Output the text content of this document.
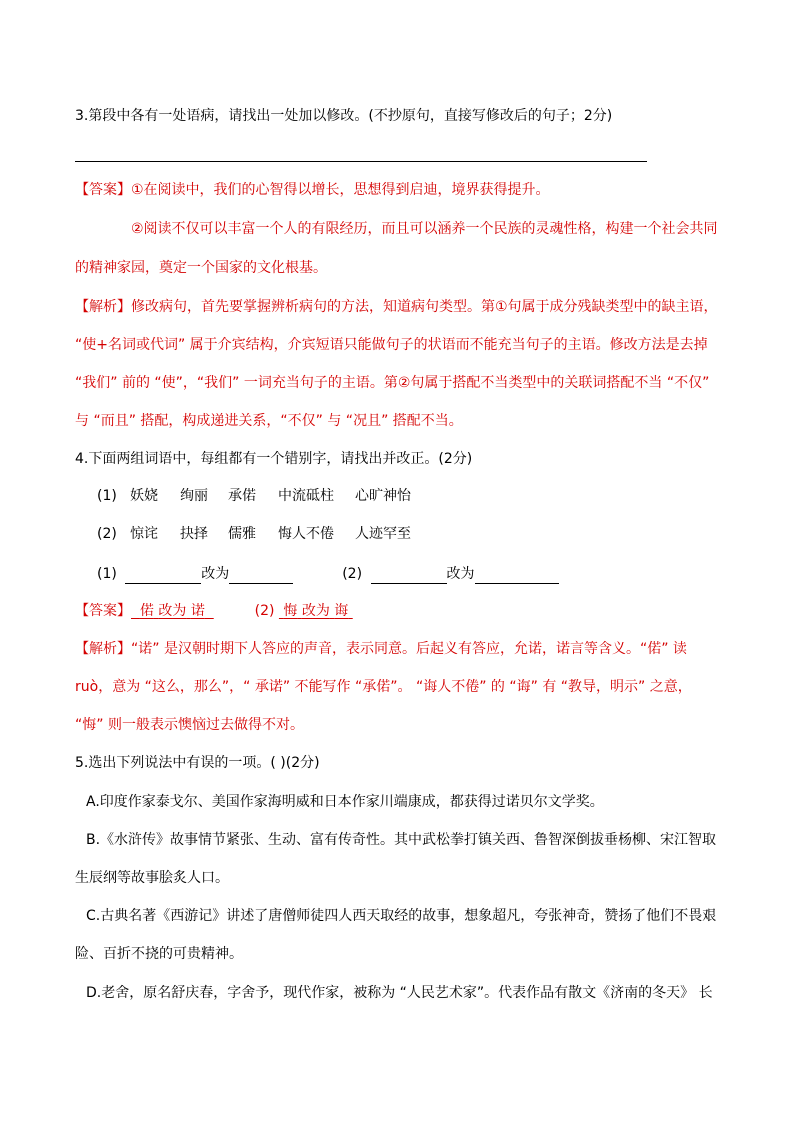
3.第段中各有一处语病，请找出一处加以修改。(不抄原句，直接写修改后的句子；2分)
【答案】①在阅读中，我们的心智得以增长，思想得到启迪，境界获得提升。
②阅读不仅可以丰富一个人的有限经历，而且可以涵养一个民族的灵魂性格，构建一个社会共同
的精神家园，奠定一个国家的文化根基。
【解析】修改病句，首先要掌握辨析病句的方法，知道病句类型。第①句属于成分残缺类型中的缺主语，
“使+名词或代词” 属于介宾结构，介宾短语只能做句子的状语而不能充当句子的主语。修改方法是去掉
“我们” 前的 “使”，“我们” 一词充当句子的主语。第②句属于搭配不当类型中的关联词搭配不当 “不仅”
与 “而且” 搭配，构成递进关系，“不仅” 与 “况且” 搭配不当。
4.下面两组词语中，每组都有一个错别字，请找出并改正。(2分)
(1) 妖娆 绚丽 承偌 中流砥柱 心旷神怡
(2) 惊诧 抉择 儒雅 悔人不倦 人迹罕至
(1)	改为	(2)	改为
【答案】 偌 改为 诺	(2) 悔 改为 诲
【解析】“诺” 是汉朝时期下人答应的声音，表示同意。后起义有答应，允诺，诺言等含义。“偌” 读
ruò，意为 “这么，那么”，“ 承诺” 不能写作 “承偌”。 “诲人不倦” 的 “诲” 有 “教导，明示” 之意，
“悔” 则一般表示懊恼过去做得不对。
5.选出下列说法中有误的一项。( )(2分)
A.印度作家泰戈尔、美国作家海明威和日本作家川端康成，都获得过诺贝尔文学奖。
B.《水浒传》故事情节紧张、生动、富有传奇性。其中武松拳打镇关西、鲁智深倒拔垂杨柳、宋江智取
生辰纲等故事脍炙人口。
C.古典名著《西游记》讲述了唐僧师徒四人西天取经的故事，想象超凡，夸张神奇，赞扬了他们不畏艰
险、百折不挠的可贵精神。
D.老舍，原名舒庆春，字舍予，现代作家，被称为 “人民艺术家”。代表作品有散文《济南的冬天》 长
